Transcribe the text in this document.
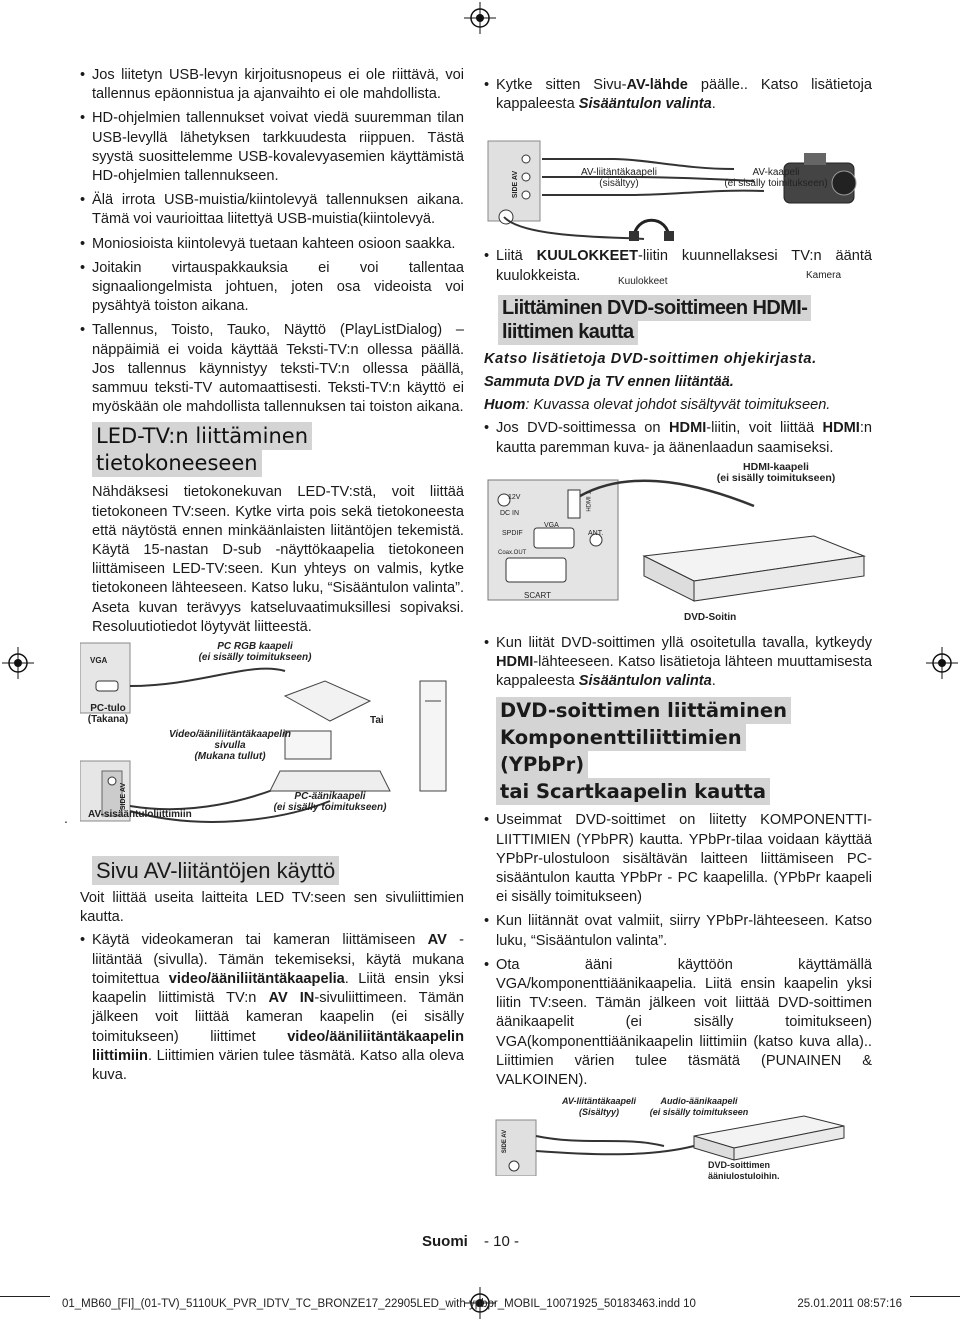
• Jos liitetyn USB-levyn kirjoitusnopeus ei ole riittävä, voi tallennus epäonnistua ja ajanvaihto ei ole mahdollista.
• HD-ohjelmien tallennukset voivat viedä suuremman tilan USB-levyllä lähetyksen tarkkuudesta riippuen. Tästä syystä suosittelemme USB-kovalevyasemien käyttämistä HD-ohjelmien tallennukseen.
• Älä irrota USB-muistia/kiintolevyä tallennuksen aikana. Tämä voi vaurioittaa liitettyä USB-muistia(kiintolevyä.
• Moniosioista kiintolevyä tuetaan kahteen osioon saakka.
• Joitakin virtauspakkauksia ei voi tallentaa signaaliongelmista johtuen, joten osa videoista voi pysähtyä toiston aikana.
• Tallennus, Toisto, Tauko, Näyttö (PlayListDialog) –näppäimiä ei voida käyttää Teksti-TV:n ollessa päällä. Jos tallennus käynnistyy teksti-TV:n ollessa päällä, sammuu teksti-TV automaattisesti. Teksti-TV:n käyttö ei myöskään ole mahdollista tallennuksen tai toiston aikana.
LED-TV:n liittäminen
tietokoneeseen

Nähdäksesi tietokonekuvan LED-TV:stä, voit liittää tietokoneen TV:seen. Kytke virta pois sekä tietokoneesta että näytöstä ennen minkäänlaisten liitäntöjen tekemistä. Käytä 15-nastan D-sub -näyttökaapelia tietokoneen liittämiseen LED-TV:seen. Kun yhteys on valmis, kytke tietokoneen lähteeseen. Katso luku, “Sisääntulon valinta”. Aseta kuvan terävyys katseluvaatimuksillesi sopivaksi. Resoluutiotiedot löytyvät liitteestä.

VGA
PC RGB kaapeli
(ei sisälly toimitukseen)
PC-tulo
(Takana)
Video/ääniliitäntäkaapelin
sivulla
(Mukana tullut)
Tai
SIDE AV
AV-sisääntuloliittimiin
PC-äänikaapeli
(ei sisälly toimitukseen)
.
Sivu AV-liitäntöjen käyttö

Voit liittää useita laitteita LED TV:seen sen sivuliittimien kautta.

• Käytä videokameran tai kameran liittämiseen AV -liitäntää (sivulla). Tämän tekemiseksi, käytä mukana toimitettua video/ääniliitäntäkaapelia. Liitä ensin yksi kaapelin liittimistä TV:n AV IN-sivuliittimeen. Tämän jälkeen voit liittää kameran kaapelin (ei sisälly toimitukseen) liittimet video/ääniliitäntäkaapelin liittimiin. Liittimien värien tulee täsmätä. Katso alla oleva kuva.
• Kytke sitten Sivu-AV-lähde päälle.. Katso lisätietoja kappaleesta Sisääntulon valinta.
SIDE AV	AV-liitäntäkaapeli
(sisältyy)
AV-kaapeli
(ei sisälly toimitukseen)
Kuulokkeet
Kamera
• Liitä KUULOKKEET-liitin kuunnellaksesi TV:n ääntä kuulokkeista.
Liittäminen DVD-soittimeen HDMI-liittimen kautta

Katso lisätietoja DVD-soittimen ohjekirjasta.

Sammuta DVD ja TV ennen liitäntää.

Huom: Kuvassa olevat johdot sisältyvät toimitukseen.

• Jos DVD-soittimessa on HDMI-liitin, voit liittää HDMI:n kautta paremman kuva- ja äänenlaadun saamiseksi.
12V
DC IN
HDMI 1
VGA
SPDIF
Coax.OUT
ANT.
SCART
HDMI-kaapeli
(ei sisälly toimitukseen)
DVD-Soitin
• Kun liität DVD-soittimen yllä osoitetulla tavalla, kytkeydy HDMI-lähteeseen. Katso lisätietoja lähteen muuttamisesta kappaleesta Sisääntulon valinta.
DVD-soittimen liittäminen
Komponenttiliittimien (YPbPr)
tai Scartkaapelin kautta
• Useimmat DVD-soittimet on liitetty KOMPONENTTI-LIITTIMIEN (YPbPR) kautta. YPbPr-tilaa voidaan käyttää YPbPr-ulostuloon sisältävän laitteen liittämiseen PC-sisääntulon kautta YPbPr - PC kaapelilla. (YPbPr kaapeli ei sisälly toimitukseen)
• Kun liitännät ovat valmiit, siirry YPbPr-lähteeseen. Katso luku, “Sisääntulon valinta”.
• Ota ääni käyttöön käyttämällä VGA/komponenttiäänikaapelia. Liitä ensin kaapelin yksi liitin TV:seen. Tämän jälkeen voit liittää DVD-soittimen äänikaapelit (ei sisälly toimitukseen) VGA(komponenttiäänikaapelin liittimiin (katso kuva alla).. Liittimien värien tulee täsmätä (PUNAINEN & VALKOINEN).
SIDE AV
AV-liitäntäkaapeli
(Sisältyy)
Audio-äänikaapeli
(ei sisälly toimitukseen
DVD-soittimen
ääniulostuloihin.
Suomi - 10 -
01_MB60_[FI]_(01-TV)_5110UK_PVR_IDTV_TC_BRONZE17_22905LED_with ypbpr_MOBIL_10071925_50183463.indd 10	25.01.2011 08:57:16
